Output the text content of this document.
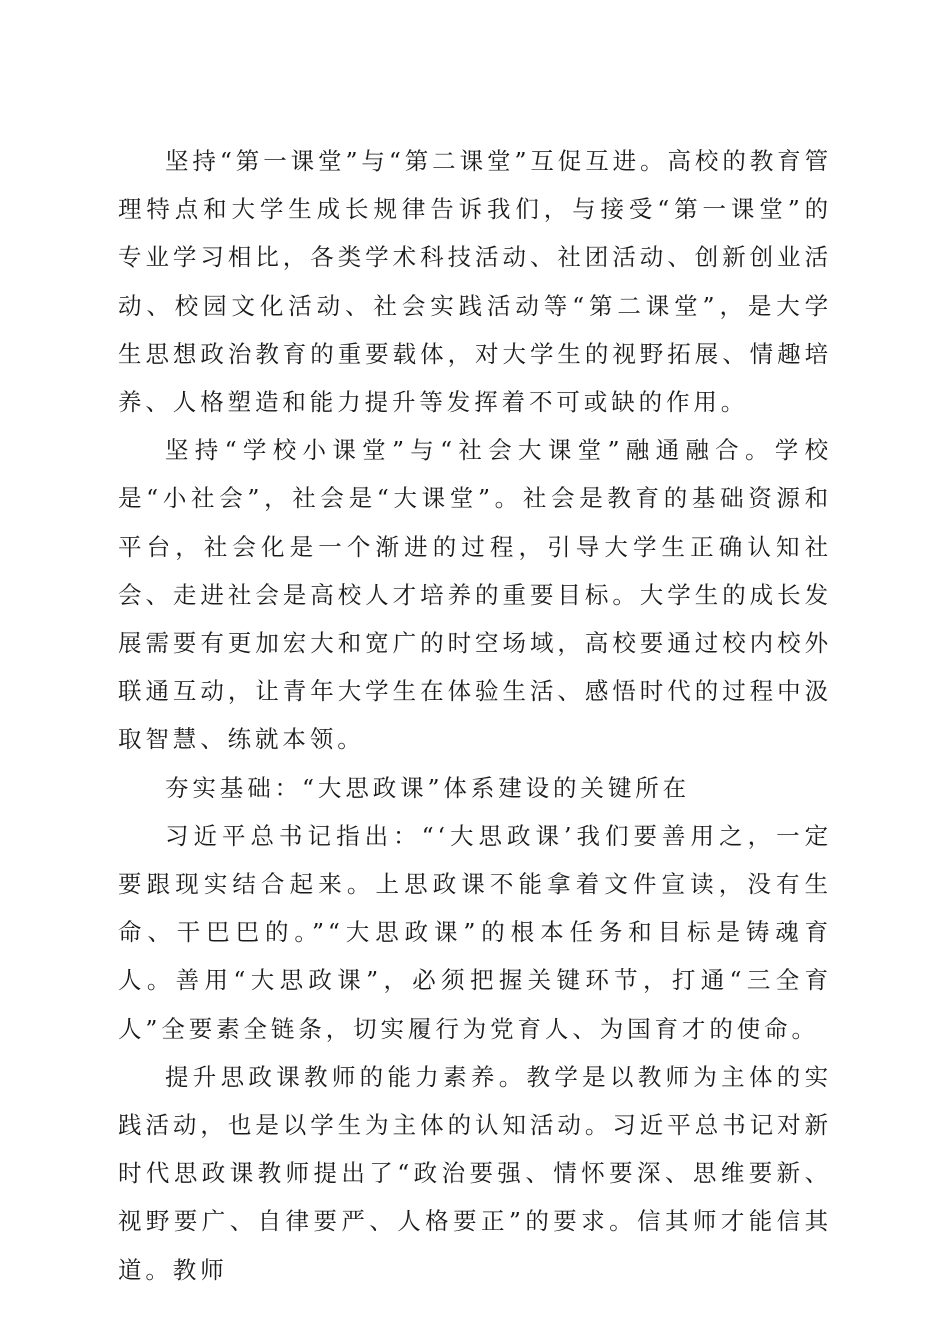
坚持“第一课堂”与“第二课堂”互促互进。高校的教育管理特点和大学生成长规律告诉我们，与接受“第一课堂”的专业学习相比，各类学术科技活动、社团活动、创新创业活动、校园文化活动、社会实践活动等“第二课堂”，是大学生思想政治教育的重要载体，对大学生的视野拓展、情趣培养、人格塑造和能力提升等发挥着不可或缺的作用。

坚持“学校小课堂”与“社会大课堂”融通融合。学校是“小社会”，社会是“大课堂”。社会是教育的基础资源和平台，社会化是一个渐进的过程，引导大学生正确认知社会、走进社会是高校人才培养的重要目标。大学生的成长发展需要有更加宏大和宽广的时空场域，高校要通过校内校外联通互动，让青年大学生在体验生活、感悟时代的过程中汲取智慧、练就本领。

夯实基础：“大思政课”体系建设的关键所在

习近平总书记指出：“‘大思政课’我们要善用之，一定要跟现实结合起来。上思政课不能拿着文件宣读，没有生命、干巴巴的。”“大思政课”的根本任务和目标是铸魂育人。善用“大思政课”，必须把握关键环节，打通“三全育人”全要素全链条，切实履行为党育人、为国育才的使命。

提升思政课教师的能力素养。教学是以教师为主体的实践活动，也是以学生为主体的认知活动。习近平总书记对新时代思政课教师提出了“政治要强、情怀要深、思维要新、视野要广、自律要严、人格要正”的要求。信其师才能信其道。教师
